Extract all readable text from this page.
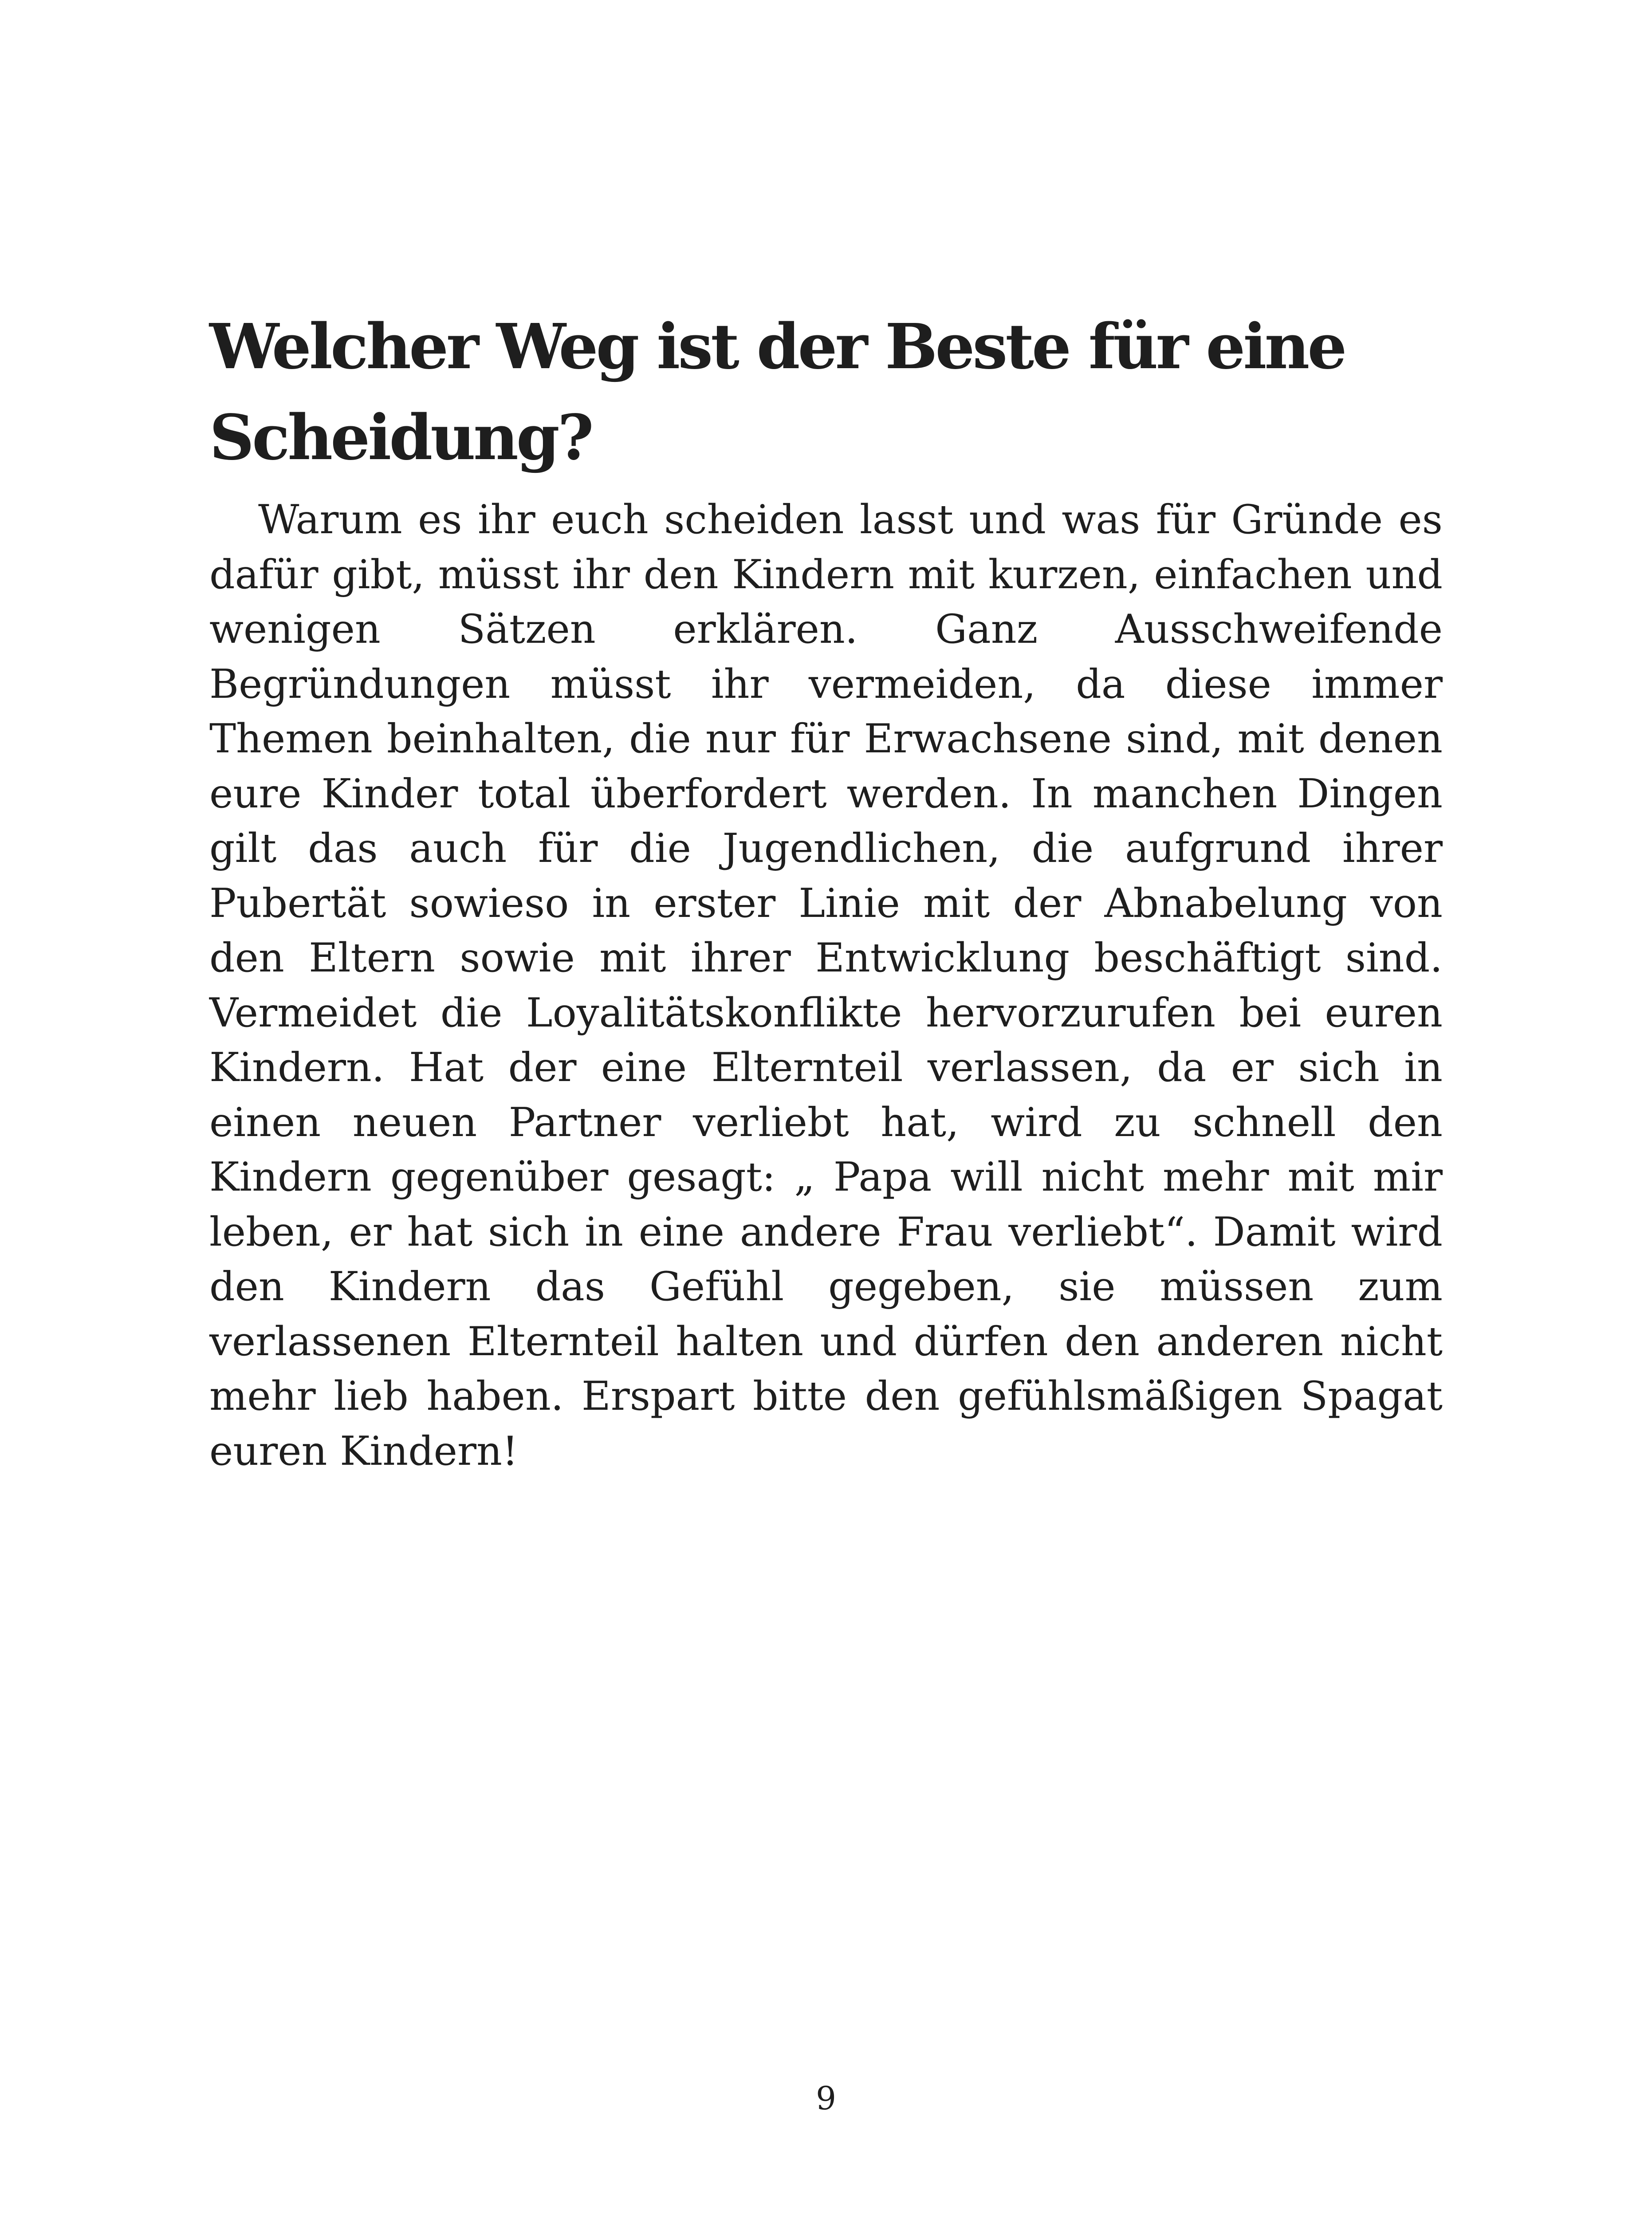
Welcher Weg ist der Beste für eine Scheidung?

Warum es ihr euch scheiden lasst und was für Gründe es dafür gibt, müsst ihr den Kindern mit kurzen, einfachen und wenigen Sätzen erklären. Ganz Ausschweifende Begründungen müsst ihr vermeiden, da diese immer Themen beinhalten, die nur für Erwachsene sind, mit denen eure Kinder total überfordert werden. In manchen Dingen gilt das auch für die Jugendlichen, die aufgrund ihrer Pubertät sowieso in erster Linie mit der Abnabelung von den Eltern sowie mit ihrer Entwicklung beschäftigt sind. Vermeidet die Loyalitätskonflikte hervorzurufen bei euren Kindern. Hat der eine Elternteil verlassen, da er sich in einen neuen Partner verliebt hat, wird zu schnell den Kindern gegenüber gesagt: „ Papa will nicht mehr mit mir leben, er hat sich in eine andere Frau verliebt“. Damit wird den Kindern das Gefühl gegeben, sie müssen zum verlassenen Elternteil halten und dürfen den anderen nicht mehr lieb haben. Erspart bitte den gefühlsmäßigen Spagat euren Kindern!

9
